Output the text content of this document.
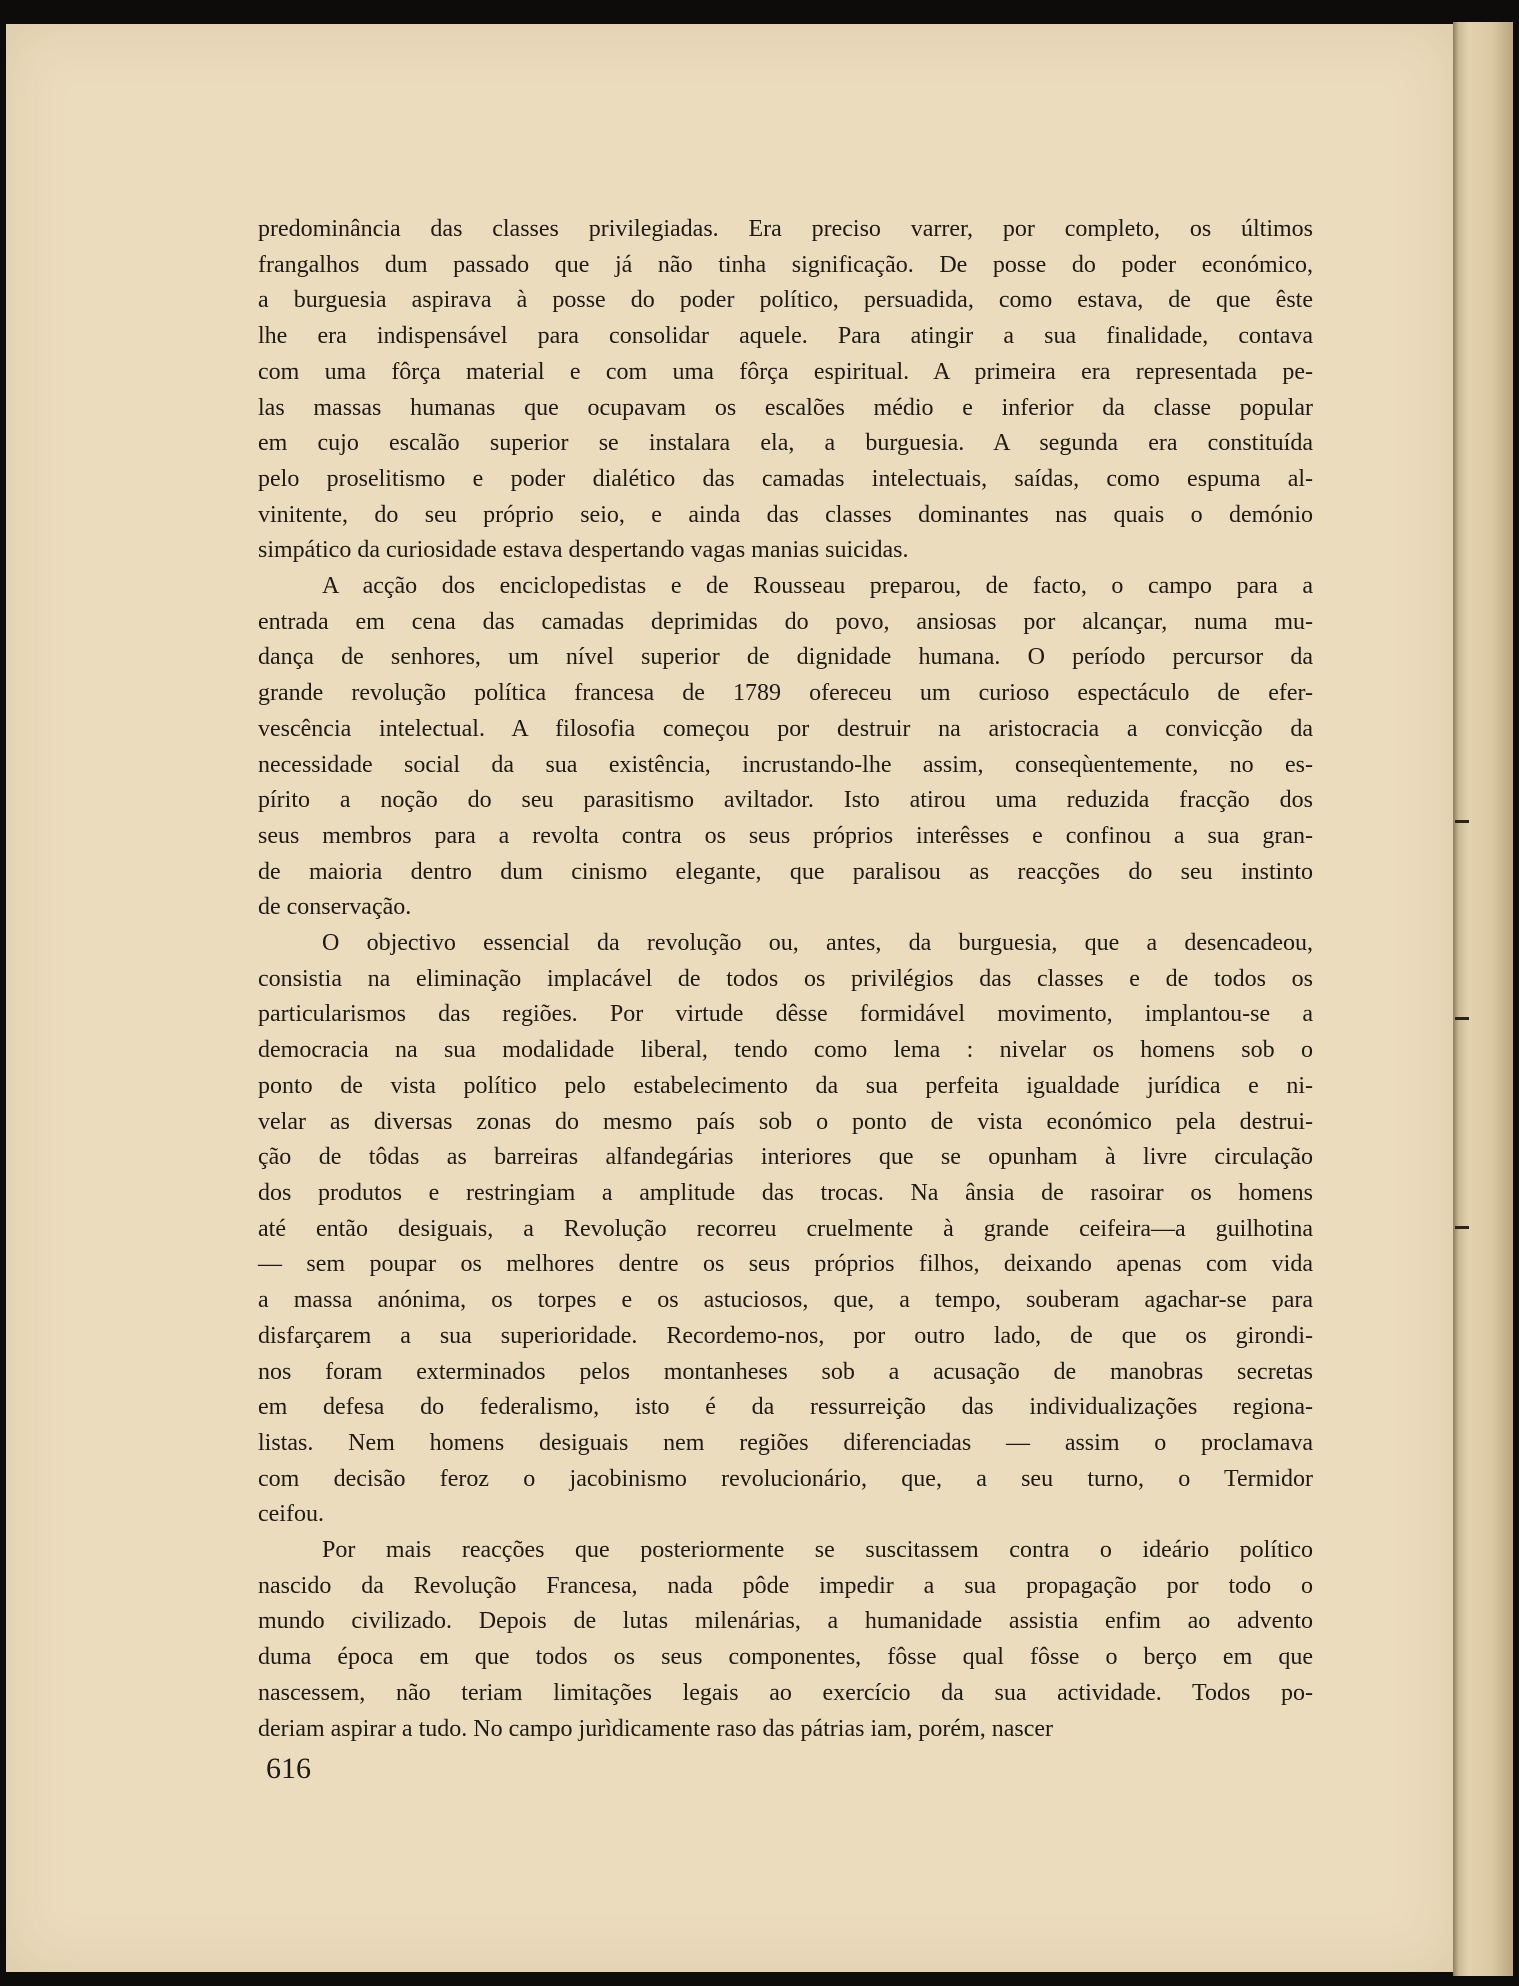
predominância das classes privilegiadas. Era preciso varrer, por completo, os últimos
frangalhos dum passado que já não tinha significação. De posse do poder económico,
a burguesia aspirava à posse do poder político, persuadida, como estava, de que êste
lhe era indispensável para consolidar aquele. Para atingir a sua finalidade, contava
com uma fôrça material e com uma fôrça espiritual. A primeira era representada pe-
las massas humanas que ocupavam os escalões médio e inferior da classe popular
em cujo escalão superior se instalara ela, a burguesia. A segunda era constituída
pelo proselitismo e poder dialético das camadas intelectuais, saídas, como espuma al-
vinitente, do seu próprio seio, e ainda das classes dominantes nas quais o demónio
simpático da curiosidade estava despertando vagas manias suicidas.
A acção dos enciclopedistas e de Rousseau preparou, de facto, o campo para a
entrada em cena das camadas deprimidas do povo, ansiosas por alcançar, numa mu-
dança de senhores, um nível superior de dignidade humana. O período percursor da
grande revolução política francesa de 1789 ofereceu um curioso espectáculo de efer-
vescência intelectual. A filosofia começou por destruir na aristocracia a convicção da
necessidade social da sua existência, incrustando-lhe assim, conseqùentemente, no es-
pírito a noção do seu parasitismo aviltador. Isto atirou uma reduzida fracção dos
seus membros para a revolta contra os seus próprios interêsses e confinou a sua gran-
de maioria dentro dum cinismo elegante, que paralisou as reacções do seu instinto
de conservação.
O objectivo essencial da revolução ou, antes, da burguesia, que a desencadeou,
consistia na eliminação implacável de todos os privilégios das classes e de todos os
particularismos das regiões. Por virtude dêsse formidável movimento, implantou-se a
democracia na sua modalidade liberal, tendo como lema : nivelar os homens sob o
ponto de vista político pelo estabelecimento da sua perfeita igualdade jurídica e ni-
velar as diversas zonas do mesmo país sob o ponto de vista económico pela destrui-
ção de tôdas as barreiras alfandegárias interiores que se opunham à livre circulação
dos produtos e restringiam a amplitude das trocas. Na ânsia de rasoirar os homens
até então desiguais, a Revolução recorreu cruelmente à grande ceifeira—a guilhotina
— sem poupar os melhores dentre os seus próprios filhos, deixando apenas com vida
a massa anónima, os torpes e os astuciosos, que, a tempo, souberam agachar-se para
disfarçarem a sua superioridade. Recordemo-nos, por outro lado, de que os girondi-
nos foram exterminados pelos montanheses sob a acusação de manobras secretas
em defesa do federalismo, isto é da ressurreição das individualizações regiona-
listas. Nem homens desiguais nem regiões diferenciadas — assim o proclamava
com decisão feroz o jacobinismo revolucionário, que, a seu turno, o Termidor
ceifou.
Por mais reacções que posteriormente se suscitassem contra o ideário político
nascido da Revolução Francesa, nada pôde impedir a sua propagação por todo o
mundo civilizado. Depois de lutas milenárias, a humanidade assistia enfim ao advento
duma época em que todos os seus componentes, fôsse qual fôsse o berço em que
nascessem, não teriam limitações legais ao exercício da sua actividade. Todos po-
deriam aspirar a tudo. No campo jurìdicamente raso das pátrias iam, porém, nascer
616
